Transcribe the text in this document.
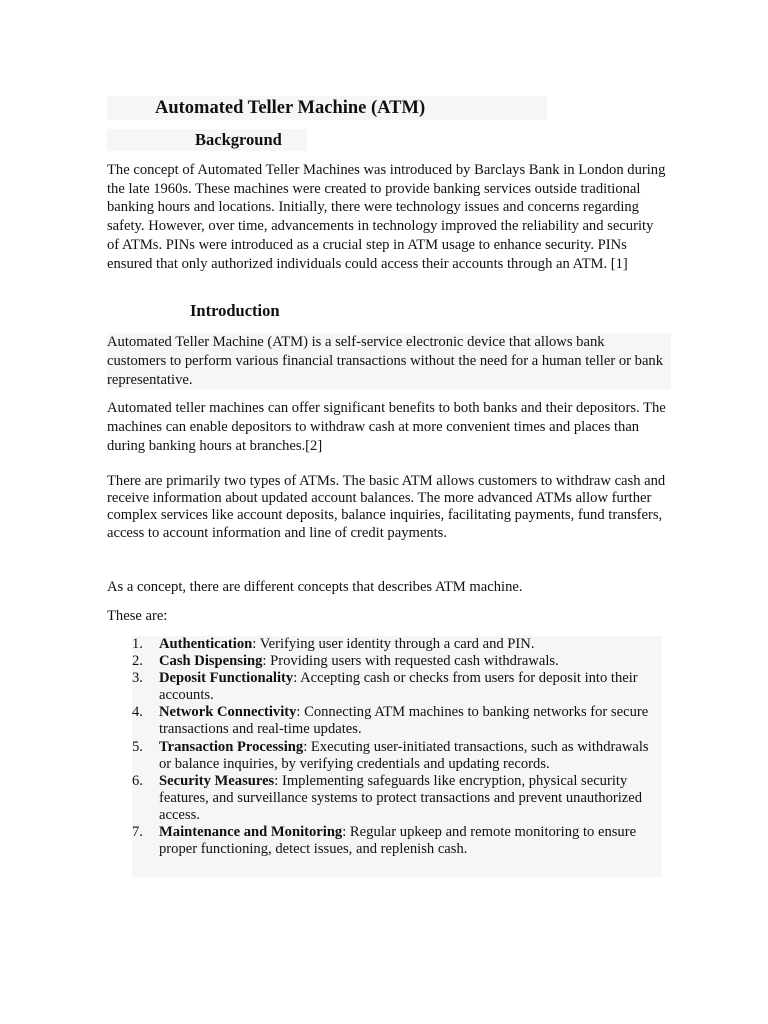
Automated Teller Machine (ATM)
Background

The concept of Automated Teller Machines was introduced by Barclays Bank in London during the late 1960s. These machines were created to provide banking services outside traditional banking hours and locations. Initially, there were technology issues and concerns regarding safety. However, over time, advancements in technology improved the reliability and security of ATMs. PINs were introduced as a crucial step in ATM usage to enhance security. PINs ensured that only authorized individuals could access their accounts through an ATM. [1]

Introduction

Automated Teller Machine (ATM) is a self-service electronic device that allows bank customers to perform various financial transactions without the need for a human teller or bank representative.

Automated teller machines can offer significant benefits to both banks and their depositors. The machines can enable depositors to withdraw cash at more convenient times and places than during banking hours at branches.[2]

There are primarily two types of ATMs. The basic ATM allows customers to withdraw cash and receive information about updated account balances. The more advanced ATMs allow further complex services like account deposits, balance inquiries, facilitating payments, fund transfers, access to account information and line of credit payments.

As a concept, there are different concepts that describes ATM machine.

These are:

1. Authentication: Verifying user identity through a card and PIN.
2. Cash Dispensing: Providing users with requested cash withdrawals.
3. Deposit Functionality: Accepting cash or checks from users for deposit into their accounts.
4. Network Connectivity: Connecting ATM machines to banking networks for secure transactions and real-time updates.
5. Transaction Processing: Executing user-initiated transactions, such as withdrawals or balance inquiries, by verifying credentials and updating records.
6. Security Measures: Implementing safeguards like encryption, physical security features, and surveillance systems to protect transactions and prevent unauthorized access.
7. Maintenance and Monitoring: Regular upkeep and remote monitoring to ensure proper functioning, detect issues, and replenish cash.
